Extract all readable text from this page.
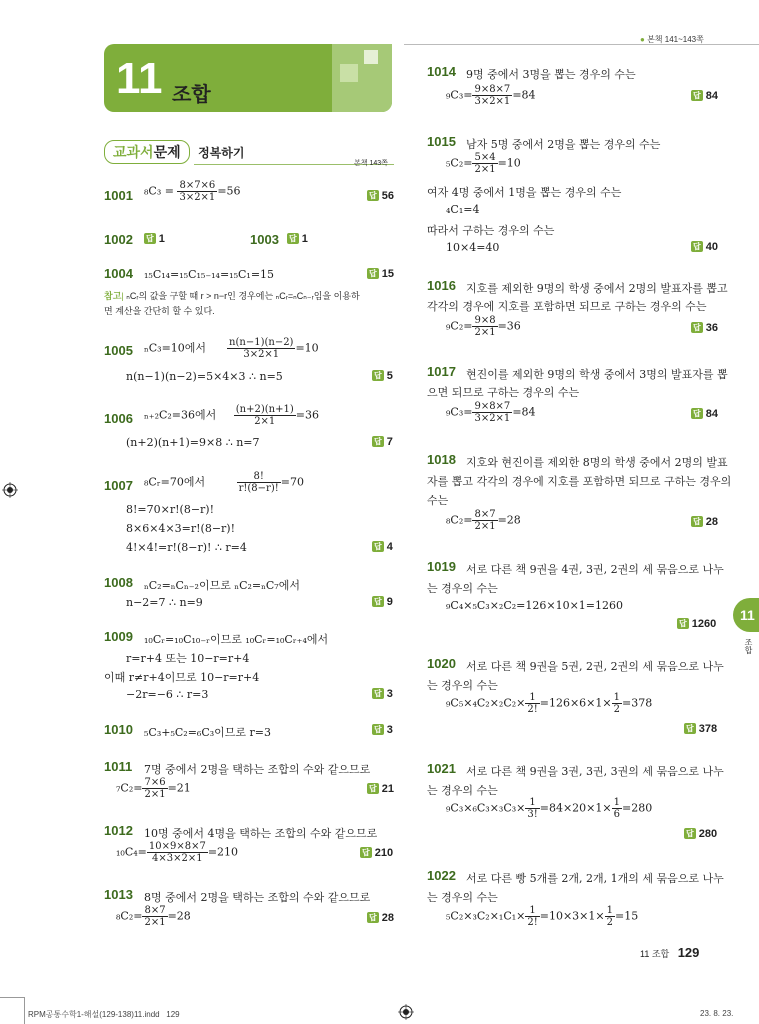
● 본책 141~143쪽
11 조합
교과서문제 정복하기
본책 143쪽
1001 $_8C_3 = \frac{8\times 7\times 6}{3\times 2\times 1} =56$	답 56
1002 답 1	1003 답 1
1004 ₁₅C₁₄=₁₅C₁₅₋₁₄=₁₅C₁=15	답 15
참고| ₙCᵣ의 값을 구할 때 r > n−r인 경우에는 ₙCᵣ=ₙCₙ₋ᵣ임을 이용하
면 계산을 간단히 할 수 있다.
1005 ₙC₃=10에서 $\frac{n(n-1)(n-2)}{3\times 2\times 1} =10$
n(n−1)(n−2)=5×4×3 ∴ n=5	답 5
1006 ₙ₊₂C₂=36에서 $\frac{(n+2)(n+1)}{2\times 1} =36$
(n+2)(n+1)=9×8 ∴ n=7	답 7
1007 ₈Cᵣ=70에서	$\frac{8!}{r!(8-r)!} =70$
8!=70×r!(8−r)!
8×6×4×3=r!(8−r)!
4!×4!=r!(8−r)! ∴ r=4	답 4
1008 ₙC₂=ₙCₙ₋₂이므로 ₙC₂=ₙC₇에서
n−2=7 ∴ n=9	답 9
1009 ₁₀Cᵣ=₁₀C₁₀₋ᵣ이므로 ₁₀Cᵣ=₁₀Cᵣ₊₄에서
r=r+4 또는 10−r=r+4
이때 r≠r+4이므로 10−r=r+4
−2r=−6 ∴ r=3	답 3
1010 ₅C₃+₅C₂=₆C₃이므로 r=3	답 3
1011 7명 중에서 2명을 택하는 조합의 수와 같으므로
$_7C_2= \frac{7\times 6}{2\times 1} =21$	답 21
1012 10명 중에서 4명을 택하는 조합의 수와 같으므로
$_{10}C_4= \frac{10\times 9\times 8\times 7}{4\times 3\times 2\times 1} =210$	답 210
1013 8명 중에서 2명을 택하는 조합의 수와 같으므로
$_8C_2= \frac{8\times 7}{2\times 1} =28$	답 28
1014 9명 중에서 3명을 뽑는 경우의 수는
$_9C_3= \frac{9\times 8\times 7}{3\times 2\times 1} =84$	답 84
1015 남자 5명 중에서 2명을 뽑는 경우의 수는
$_5C_2= \frac{5\times 4}{2\times 1} =10$
여자 4명 중에서 1명을 뽑는 경우의 수는
₄C₁=4
따라서 구하는 경우의 수는
10×4=40	답 40
1016 지호를 제외한 9명의 학생 중에서 2명의 발표자를 뽑고
각각의 경우에 지호를 포함하면 되므로 구하는 경우의 수는
$_9C_2= \frac{9\times 8}{2\times 1} =36$	답 36
1017 현진이를 제외한 9명의 학생 중에서 3명의 발표자를 뽑
으면 되므로 구하는 경우의 수는
$_9C_3= \frac{9\times 8\times 7}{3\times 2\times 1} =84$	답 84
1018 지호와 현진이를 제외한 8명의 학생 중에서 2명의 발표
자를 뽑고 각각의 경우에 지호를 포함하면 되므로 구하는 경우의
수는
$_8C_2= \frac{8\times 7}{2\times 1} =28$	답 28
1019 서로 다른 책 9권을 4권, 3권, 2권의 세 묶음으로 나누
는 경우의 수는
₉C₄×₅C₃×₂C₂=126×10×1=1260
답 1260
1020 서로 다른 책 9권을 5권, 2권, 2권의 세 묶음으로 나누
는 경우의 수는
$_9C_5\times_4C_2\times_2C_2\times \frac{1}{2!} =126\times 6\times 1\times \frac{1}{2} =378$
답 378
1021 서로 다른 책 9권을 3권, 3권, 3권의 세 묶음으로 나누
는 경우의 수는
$_9C_3\times_6C_3\times_3C_3\times \frac{1}{3!} =84\times 20\times 1\times \frac{1}{6} =280$
답 280
1022 서로 다른 빵 5개를 2개, 2개, 1개의 세 묶음으로 나누
는 경우의 수는
$_5C_2\times_3C_2\times_1C_1\times \frac{1}{2!} =10\times 3\times 1\times \frac{1}{2} =15$
11
조합
11 조합 129
RPM공통수학1-해설(129-138)11.indd   129	23. 8. 23.
